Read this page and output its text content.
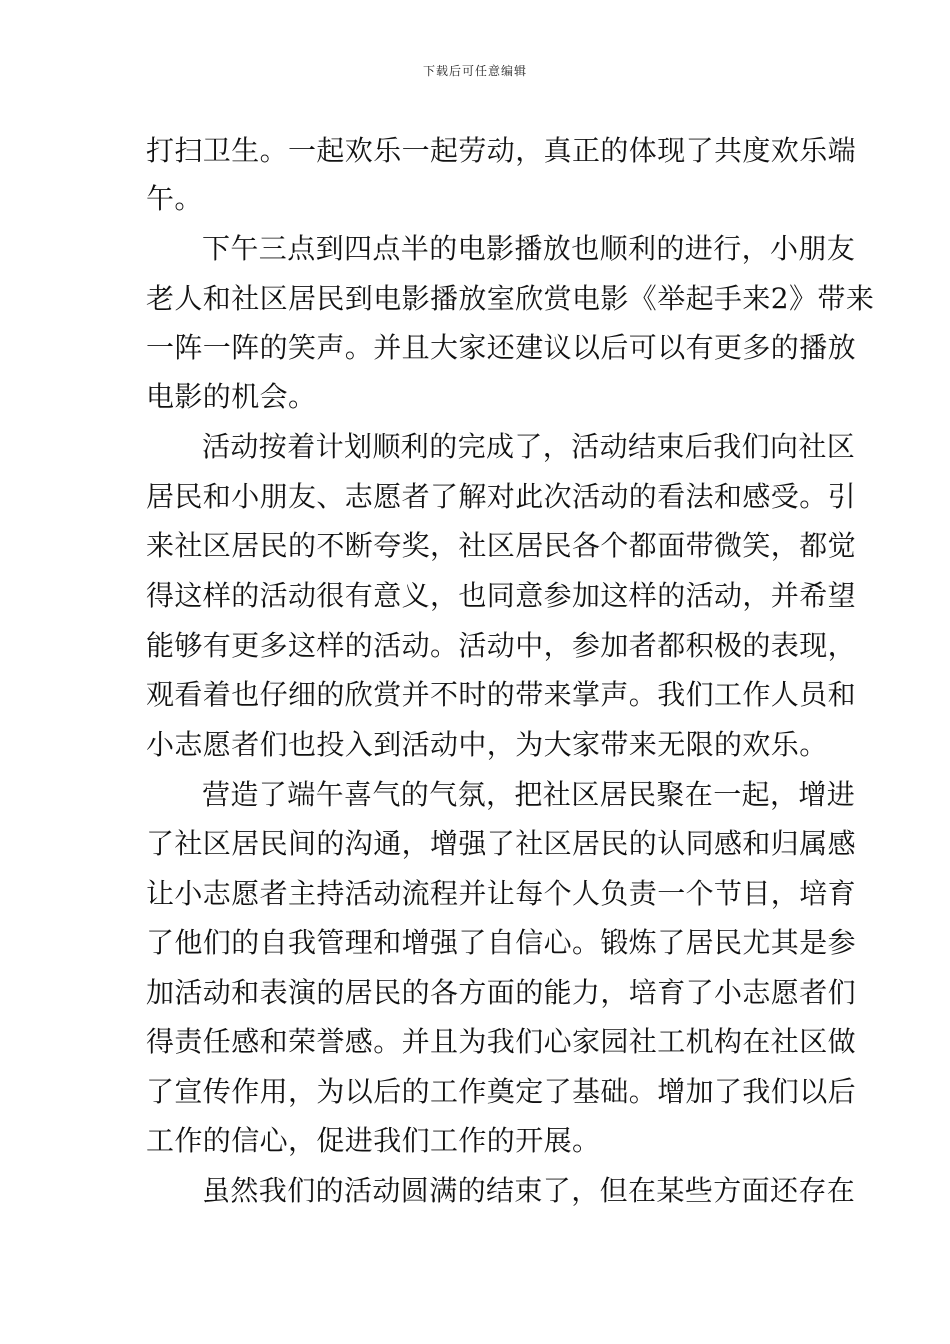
下载后可任意编辑
打扫卫生。一起欢乐一起劳动，真正的体现了共度欢乐端
午。
下午三点到四点半的电影播放也顺利的进行，小朋友
老人和社区居民到电影播放室欣赏电影《举起手来2》带来
一阵一阵的笑声。并且大家还建议以后可以有更多的播放
电影的机会。
活动按着计划顺利的完成了，活动结束后我们向社区
居民和小朋友、志愿者了解对此次活动的看法和感受。引
来社区居民的不断夸奖，社区居民各个都面带微笑，都觉
得这样的活动很有意义，也同意参加这样的活动，并希望
能够有更多这样的活动。活动中，参加者都积极的表现，
观看着也仔细的欣赏并不时的带来掌声。我们工作人员和
小志愿者们也投入到活动中，为大家带来无限的欢乐。
营造了端午喜气的气氛，把社区居民聚在一起，增进
了社区居民间的沟通，增强了社区居民的认同感和归属感
让小志愿者主持活动流程并让每个人负责一个节目，培育
了他们的自我管理和增强了自信心。锻炼了居民尤其是参
加活动和表演的居民的各方面的能力，培育了小志愿者们
得责任感和荣誉感。并且为我们心家园社工机构在社区做
了宣传作用，为以后的工作奠定了基础。增加了我们以后
工作的信心，促进我们工作的开展。
虽然我们的活动圆满的结束了，但在某些方面还存在
